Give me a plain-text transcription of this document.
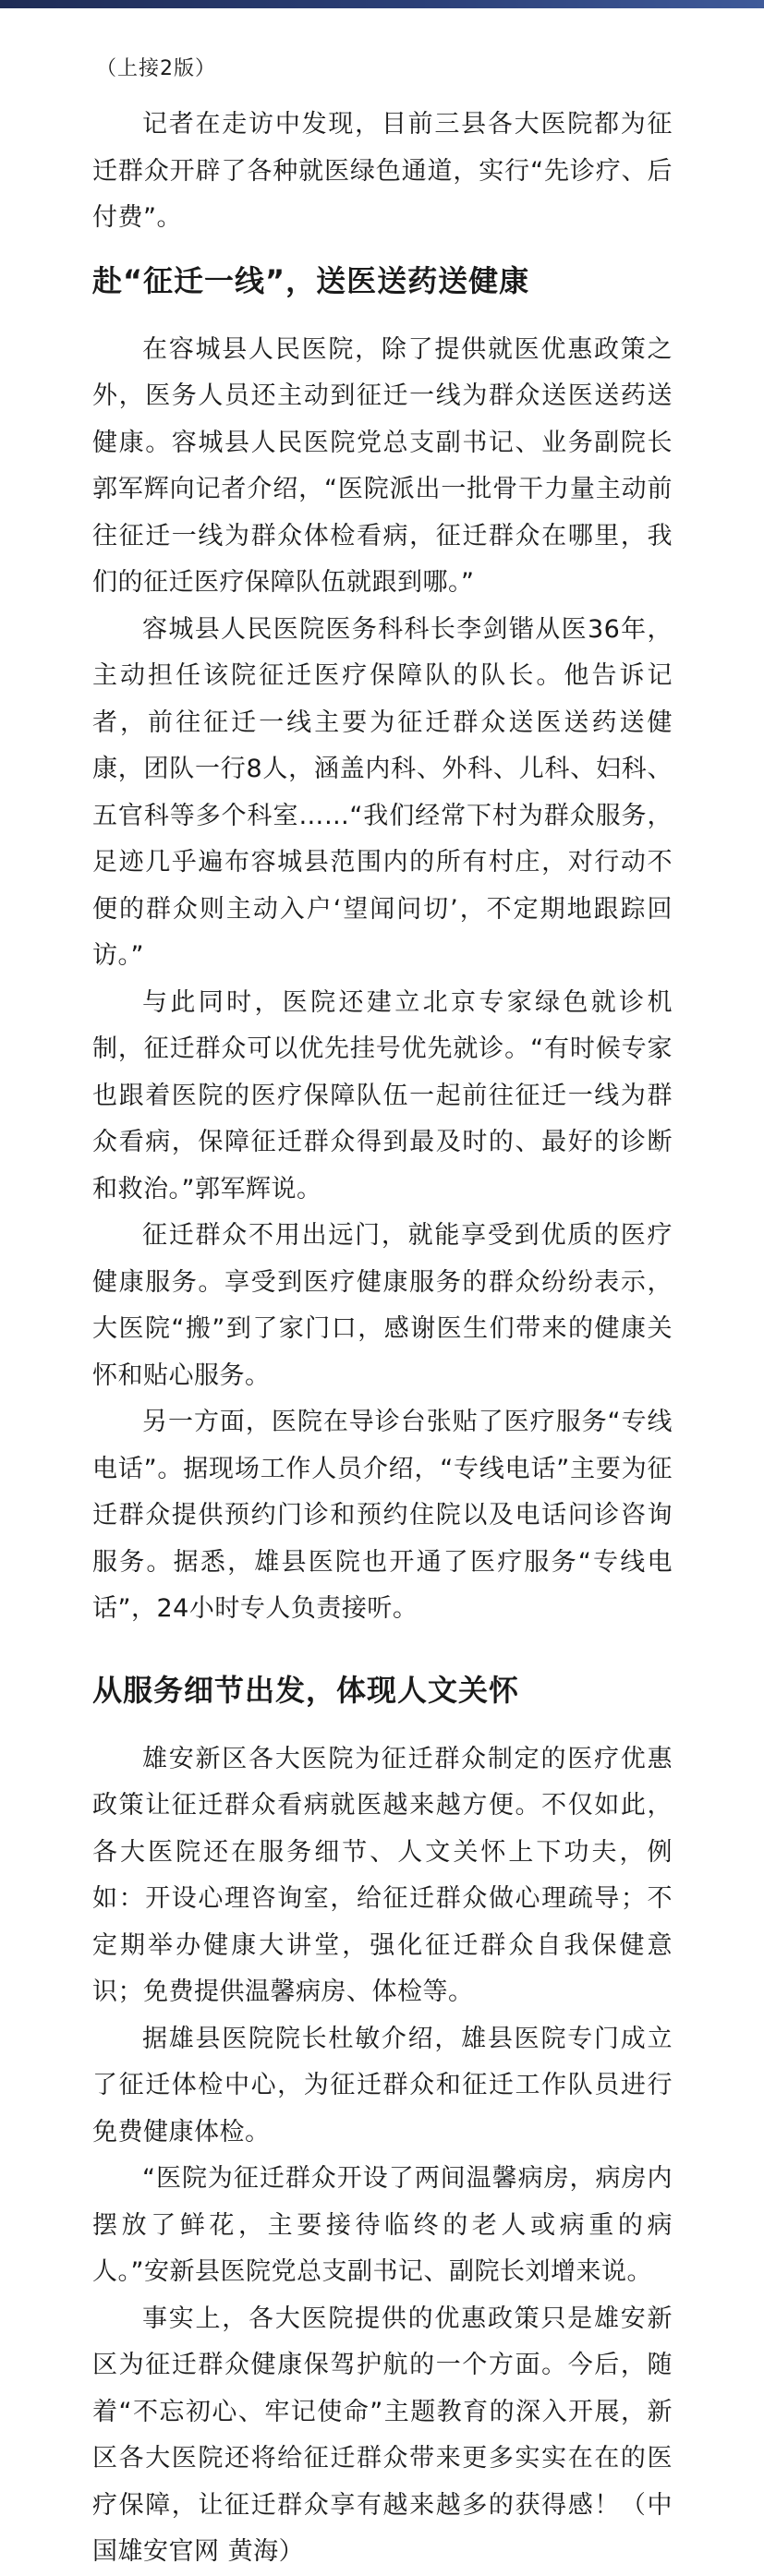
（上接2版）

记者在走访中发现，目前三县各大医院都为征迁群众开辟了各种就医绿色通道，实行“先诊疗、后付费”。

赴“征迁一线”，送医送药送健康

在容城县人民医院，除了提供就医优惠政策之外，医务人员还主动到征迁一线为群众送医送药送健康。容城县人民医院党总支副书记、业务副院长郭军辉向记者介绍，“医院派出一批骨干力量主动前往征迁一线为群众体检看病，征迁群众在哪里，我们的征迁医疗保障队伍就跟到哪。”

容城县人民医院医务科科长李剑锴从医36年，主动担任该院征迁医疗保障队的队长。他告诉记者，前往征迁一线主要为征迁群众送医送药送健康，团队一行8人，涵盖内科、外科、儿科、妇科、五官科等多个科室……“我们经常下村为群众服务，足迹几乎遍布容城县范围内的所有村庄，对行动不便的群众则主动入户‘望闻问切’，不定期地跟踪回访。”

与此同时，医院还建立北京专家绿色就诊机制，征迁群众可以优先挂号优先就诊。“有时候专家也跟着医院的医疗保障队伍一起前往征迁一线为群众看病，保障征迁群众得到最及时的、最好的诊断和救治。”郭军辉说。

征迁群众不用出远门，就能享受到优质的医疗健康服务。享受到医疗健康服务的群众纷纷表示，大医院“搬”到了家门口，感谢医生们带来的健康关怀和贴心服务。

另一方面，医院在导诊台张贴了医疗服务“专线电话”。据现场工作人员介绍，“专线电话”主要为征迁群众提供预约门诊和预约住院以及电话问诊咨询服务。据悉，雄县医院也开通了医疗服务“专线电话”，24小时专人负责接听。

从服务细节出发，体现人文关怀

雄安新区各大医院为征迁群众制定的医疗优惠政策让征迁群众看病就医越来越方便。不仅如此，各大医院还在服务细节、人文关怀上下功夫，例如：开设心理咨询室，给征迁群众做心理疏导；不定期举办健康大讲堂，强化征迁群众自我保健意识；免费提供温馨病房、体检等。

据雄县医院院长杜敏介绍，雄县医院专门成立了征迁体检中心，为征迁群众和征迁工作队员进行免费健康体检。

“医院为征迁群众开设了两间温馨病房，病房内摆放了鲜花，主要接待临终的老人或病重的病人。”安新县医院党总支副书记、副院长刘增来说。

事实上，各大医院提供的优惠政策只是雄安新区为征迁群众健康保驾护航的一个方面。今后，随着“不忘初心、牢记使命”主题教育的深入开展，新区各大医院还将给征迁群众带来更多实实在在的医疗保障，让征迁群众享有越来越多的获得感！（中国雄安官网 黄海）
